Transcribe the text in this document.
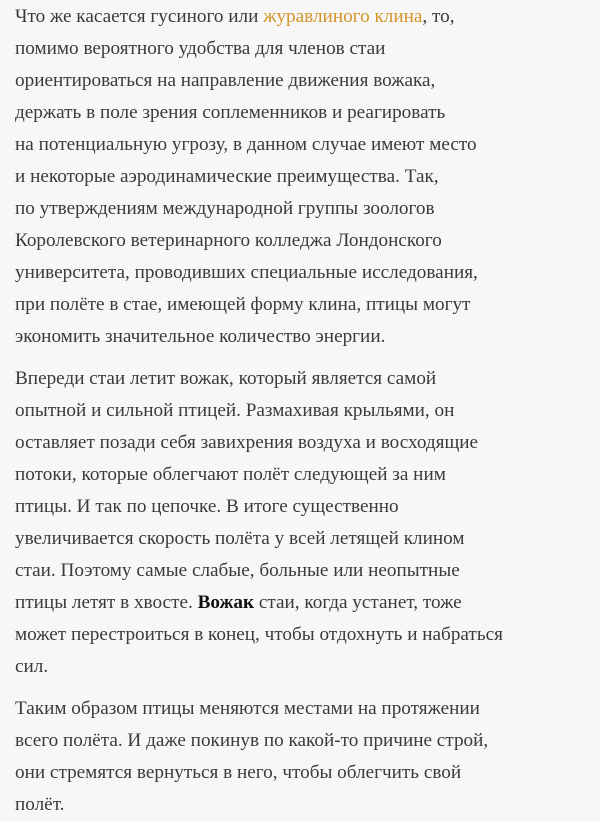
Что же касается гусиного или журавлиного клина, то,
помимо вероятного удобства для членов стаи
ориентироваться на направление движения вожака,
держать в поле зрения соплеменников и реагировать
на потенциальную угрозу, в данном случае имеют место
и некоторые аэродинамические преимущества. Так,
по утверждениям международной группы зоологов
Королевского ветеринарного колледжа Лондонского
университета, проводивших специальные исследования,
при полёте в стае, имеющей форму клина, птицы могут
экономить значительное количество энергии.

Впереди стаи летит вожак, который является самой
опытной и сильной птицей. Размахивая крыльями, он
оставляет позади себя завихрения воздуха и восходящие
потоки, которые облегчают полёт следующей за ним
птицы. И так по цепочке. В итоге существенно
увеличивается скорость полёта у всей летящей клином
стаи. Поэтому самые слабые, больные или неопытные
птицы летят в хвосте. Вожак стаи, когда устанет, тоже
может перестроиться в конец, чтобы отдохнуть и набраться
сил.

Таким образом птицы меняются местами на протяжении
всего полёта. И даже покинув по какой-то причине строй,
они стремятся вернуться в него, чтобы облегчить свой
полёт.
